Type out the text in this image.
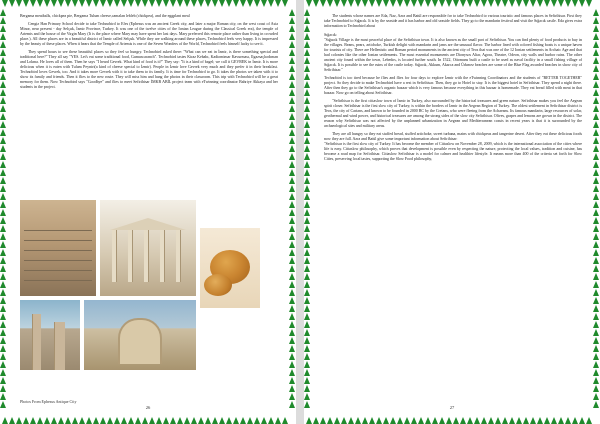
Bergama meatballs, chickpea pie, Bergama Tulum cheese,camalan lebleb (chickpea), and the eggplant meal

Cengiz Han Primary School decide to take Technobird to Efes (Ephesus was an ancient Greek city, and later a major Roman city, on the west coast of Asia Minor, near present - day Selçuk, İzmir Province, Turkey. It was one of the twelve cities of the Ionian League during the Classical Greek era), the temple of Artemis and the house of the Virgin Mary (It is the place where Mary may have spent her last days. Mary preferred this remote place rather than living in crowded place.). All these places are in a beautiful district of İzmir called Selçuk. While they are walking around these places, Technobird feels very happy. It is impressed by the beauty of these places. When it hears that the Temple of Artemis is one of the Seven Wonders of the World, Technobird feels himself lucky to see it.

They spend hours to see these beautiful places so they feel so hungry. Technobird asked there: "What can we eat in İzmir, is there something special and traditional here?" They all say "YES. Let's eat some traditional food, Gumuscaranch". Technobird tastes Kiraz Kebabı, Kadiomimar Kavurması, Ilgazsaçlıodıman and Lokma. He loves all of them. Then he says "I heard Gevrek. What kind of food is it?" They say: "It is a kind of bagel; we call it GEVREK in İzmir. It is more delicious when it is eaten with Tulum Peyniri(a kind of cheese special to İzmir). People in İzmir love Gevrek very much and they prefer it in their breakfast. Technobird loves Gevrek, too. And it takes more Gevrek with it to take them to its family. It is time for Technobird to go. It takes the photos we taken with it to show its family and friends. Then it flies to the new route. They will miss him and hang the photos in their classroom. This trip with Technobird will be a great memory for them. Now Technobird says "Goodbye" and flies to meet Sefirihisar İMKB ABİL project team with eTwinning coordinator Bahriye Akkaya and her students in the project.

Photos From Ephesus Antique City
26

The students whose names are Eda, Naz, Azra and Batül are responsible for to take Technobird to various touristic and famous places in Sefirihisar. First they take Technobird to Sığacık. It is by the seaside and it has harbor and old seaside fields. They go to the mandarin festival and visit the Sığacık castle. Eda gives extra information to Technobird about

Sığacık:

"Sığacık Village is the most peaceful place of the Sefirihisar town. It is also known as the small port of Sefirihisar. You can find plenty of food products to buy in the villages. Beans, pears, artichoke, Turkish delight with mandarin and jams are the unusual flavor. The harbor lined with colored fishing boats is a unique haven for tourists of city. There are Hellenistic and Roman period monuments in the ancient city of Teos that was one of the 12 Ionian settlements in Archaic Age and that had colonies like the other Ionian settlements. The most essential monuments are Dionysos Altar, Agora, Theatre, Odeon, city walls and harbor ruins. The other ancient city found within the town, Lebedos, is located further south. In 1522, Ottomans built a castle to be used as naval facility in a small fishing village of Sığacık. It is possible to see the ruins of the castle today. Sığacık, Akkum, Akarca and Ürkmez beaches are some of the Blue Flag awarded beaches in show city of Sefirihisar."

Technobird is too tired because he flies and flies for four days to explore İzmir with the eTwinning Coordinators and the students of "BETTER TOGETHER" project. So they decide to make Technobird have a rest in Sefirihisar. Then, they go to Hotel to stay. It is the biggest hotel in Sefirihisar. They spend a night there. After then they go to the Sefirihisar's organic bazaar which is very famous because everything in this bazaar is homemade. They eat bread filled with meat in that bazaar. Now go on telling about Sefirihisar.

"Sefirihisar is the first cittaslow town of İzmir in Turkey, also surrounded by the historical treasures and green nature. Sefirihisar makes you feel the Aegean spirit closer. Sefirihisar is the first slow city of Turkey, is within the borders of İzmir in the Aegean Region of Turkey. The oldest settlement in Sefirihisar district is Teos, the city of Carians, and known to be founded in 2000 BC by the Cretans, who were fleeing from the Achaeans. Its famous mandarin, large resources of solar, geothermal and wind power, and historical treasures are among the strong sides of the slow city Sefirihisar. Olives, grapes and lemons are grown in the district. The reason why Sefirihisar was not affected by the unplanned urbanization in Aegean and Mediterranean coasts in recent years is that it is surrounded by the archaeological sites and military areas.

They are all hungry so they eat stuffed bread, stuffed artichoke, sweet turbana, mains with chickpeas and tangerine desert. After they eat these delicious foods now they are full. Azra and Batül give some important information about Sefirihisar:

"Sefirihisar is the first slow city of Turkey. It has become the member of Cittaslow on November 28, 2009, which is the international association of the cities where life is easy. Cittaslow philosophy, which proves that development is possible even by respecting the nature, protecting the local values, tradition and cuisine, has become a road map for Sefirihisar. Cittaslow Sefirihisar is a model for calmer and healthier lifestyle. It means more than 400 of the criteria set forth for Slow Cities, preserving local tastes, supporting the Slow Food philosophy,

27
